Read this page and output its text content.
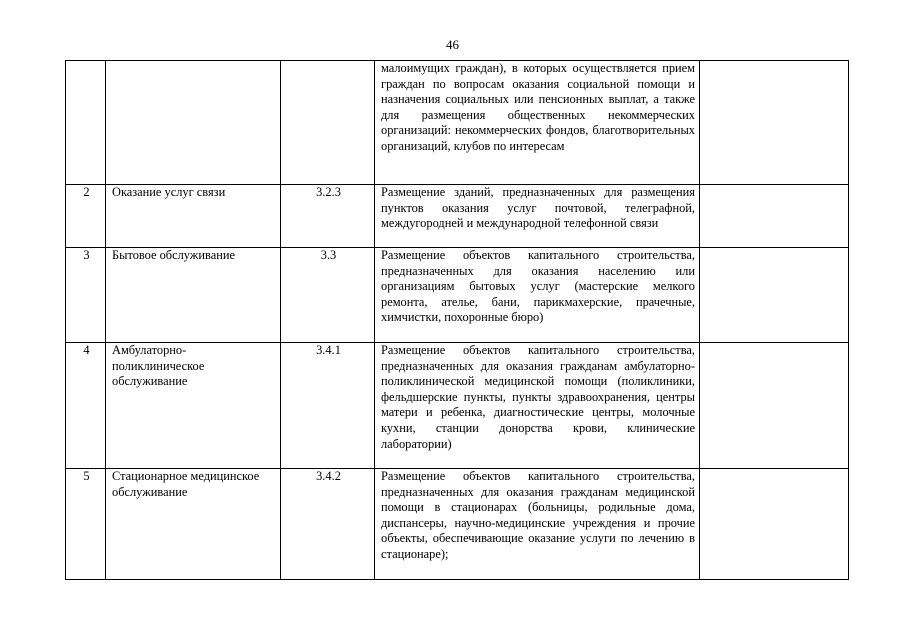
46
			малоимущих граждан), в которых осуществляется прием граждан по вопросам оказания социальной помощи и назначения социальных или пенсионных выплат, а также для размещения общественных некоммерческих организаций: некоммерческих фондов, благотворительных организаций, клубов по интересам	
2	Оказание услуг связи	3.2.3	Размещение зданий, предназначенных для размещения пунктов оказания услуг почтовой, телеграфной, междугородней и международной телефонной связи	
3	Бытовое обслуживание	3.3	Размещение объектов капитального строительства, предназначенных для оказания населению или организациям бытовых услуг (мастерские мелкого ремонта, ателье, бани, парикмахерские, прачечные, химчистки, похоронные бюро)	
4	Амбулаторно-поликлиническое обслуживание	3.4.1	Размещение объектов капитального строительства, предназначенных для оказания гражданам амбулаторно-поликлинической медицинской помощи (поликлиники, фельдшерские пункты, пункты здравоохранения, центры матери и ребенка, диагностические центры, молочные кухни, станции донорства крови, клинические лаборатории)	
5	Стационарное медицинское обслуживание	3.4.2	Размещение объектов капитального строительства, предназначенных для оказания гражданам медицинской помощи в стационарах (больницы, родильные дома, диспансеры, научно-медицинские учреждения и прочие объекты, обеспечивающие оказание услуги по лечению в стационаре);	
